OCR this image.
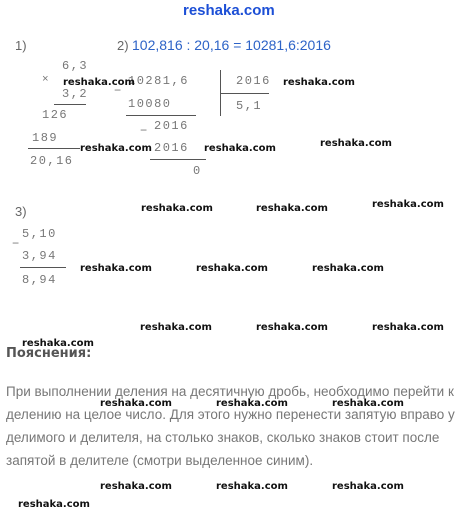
reshaka.com
1)	2) 102,816 : 20,16 = 10281,6:2016
6,3
×
3,2
126
189
20,16
−
10281,6	2016
5,1
10080
− 2016
2016
0
3)
−
5,10
3,94
8,94
reshaka.com	reshaka.com
reshaka.com	reshaka.com	reshaka.com
reshaka.com	reshaka.com	reshaka.com
reshaka.com	reshaka.com	reshaka.com
reshaka.com	reshaka.com	reshaka.com
reshaka.com
reshaka.com	reshaka.com	reshaka.com
reshaka.com	reshaka.com	reshaka.com
reshaka.com
Пояснения:
При выполнении деления на десятичную дробь, необходимо перейти к делению на целое число. Для этого нужно перенести запятую вправо у делимого и делителя, на столько знаков, сколько знаков стоит после запятой в делителе (смотри выделенное синим).
